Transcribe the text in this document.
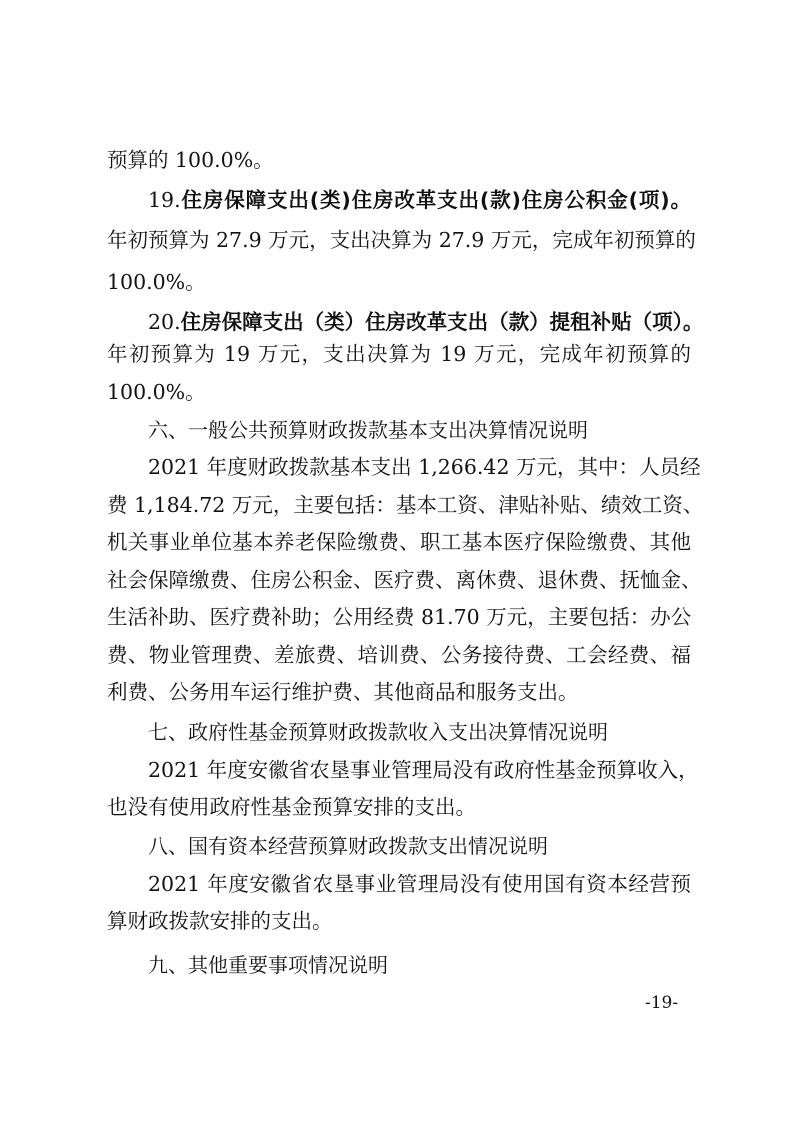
预算的 100.0%。
19.住房保障支出(类)住房改革支出(款)住房公积金(项)。
年初预算为 27.9 万元，支出决算为 27.9 万元，完成年初预算的
100.0%。
20.住房保障支出（类）住房改革支出（款）提租补贴（项）。
年初预算为 19 万元，支出决算为 19 万元，完成年初预算的
100.0%。
六、一般公共预算财政拨款基本支出决算情况说明
2021 年度财政拨款基本支出 1,266.42 万元，其中：人员经
费 1,184.72 万元，主要包括：基本工资、津贴补贴、绩效工资、
机关事业单位基本养老保险缴费、职工基本医疗保险缴费、其他
社会保障缴费、住房公积金、医疗费、离休费、退休费、抚恤金、
生活补助、医疗费补助；公用经费 81.70 万元，主要包括：办公
费、物业管理费、差旅费、培训费、公务接待费、工会经费、福
利费、公务用车运行维护费、其他商品和服务支出。
七、政府性基金预算财政拨款收入支出决算情况说明
2021 年度安徽省农垦事业管理局没有政府性基金预算收入，
也没有使用政府性基金预算安排的支出。
八、国有资本经营预算财政拨款支出情况说明
2021 年度安徽省农垦事业管理局没有使用国有资本经营预
算财政拨款安排的支出。
九、其他重要事项情况说明
-19-
